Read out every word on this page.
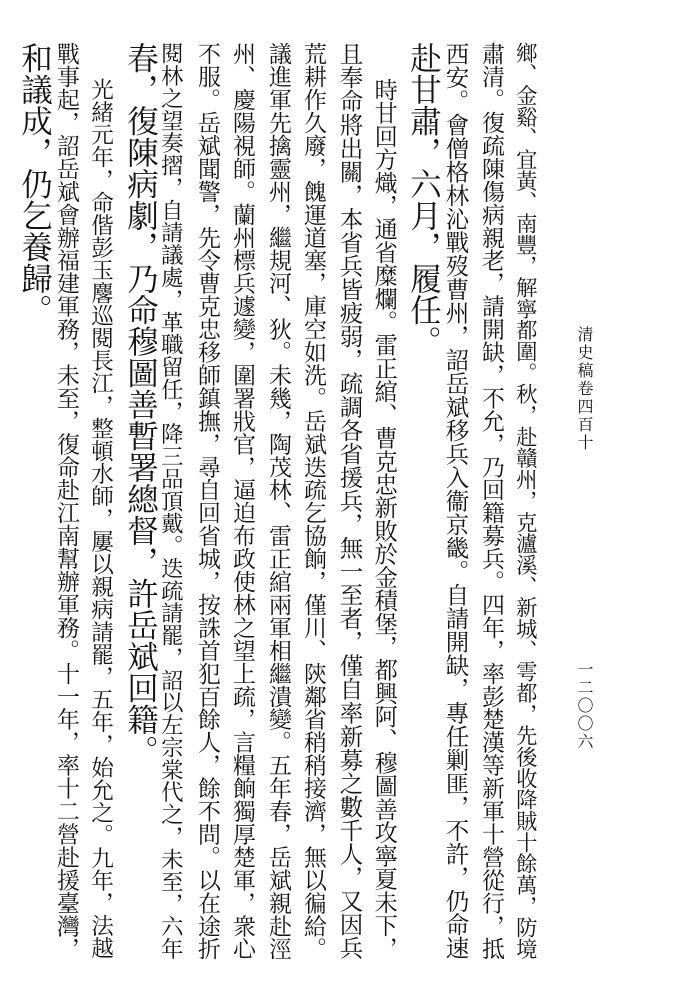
清史稿卷四百十
一二〇〇六
鄉、金谿、宜黃、南豐，解寧都圍。秋，赴贛州，克瀘溪、新城、雩都，先後收降賊十餘萬，防境
肅清。復疏陳傷病親老，請開缺，不允，乃回籍募兵。四年，率彭楚漢等新軍十營從行，抵
西安。會僧格林沁戰歿曹州，詔岳斌移兵入衞京畿。自請開缺，專任剿匪，不許，仍命速
赴甘肅，六月，履任。
時甘回方熾，通省糜爛。雷正綰、曹克忠新敗於金積堡，都興阿、穆圖善攻寧夏未下，
且奉命將出關，本省兵皆疲弱，疏調各省援兵，無一至者，僅自率新募之數千人，又因兵
荒耕作久廢，餽運道塞，庫空如洗。岳斌迭疏乞協餉，僅川、陝鄰省稍稍接濟，無以徧給。
議進軍先擒靈州，繼規河、狄。未幾，陶茂林、雷正綰兩軍相繼潰變。五年春，岳斌親赴涇
州、慶陽視師。蘭州標兵遽變，圍署戕官，逼迫布政使林之望上疏，言糧餉獨厚楚軍，衆心
不服。岳斌聞警，先令曹克忠移師鎮撫，尋自回省城，按誅首犯百餘人，餘不問。以在途折
閱林之望奏摺，自請議處，革職留任，降三品頂戴。迭疏請罷，詔以左宗棠代之，未至，六年
春，復陳病劇，乃命穆圖善暫署總督，許岳斌回籍。
光緒元年，命偕彭玉麐巡閱長江，整頓水師，屢以親病請罷，五年，始允之。九年，法越
戰事起，詔岳斌會辦福建軍務，未至，復命赴江南幫辦軍務。十一年，率十二營赴援臺灣，
和議成，仍乞養歸。
